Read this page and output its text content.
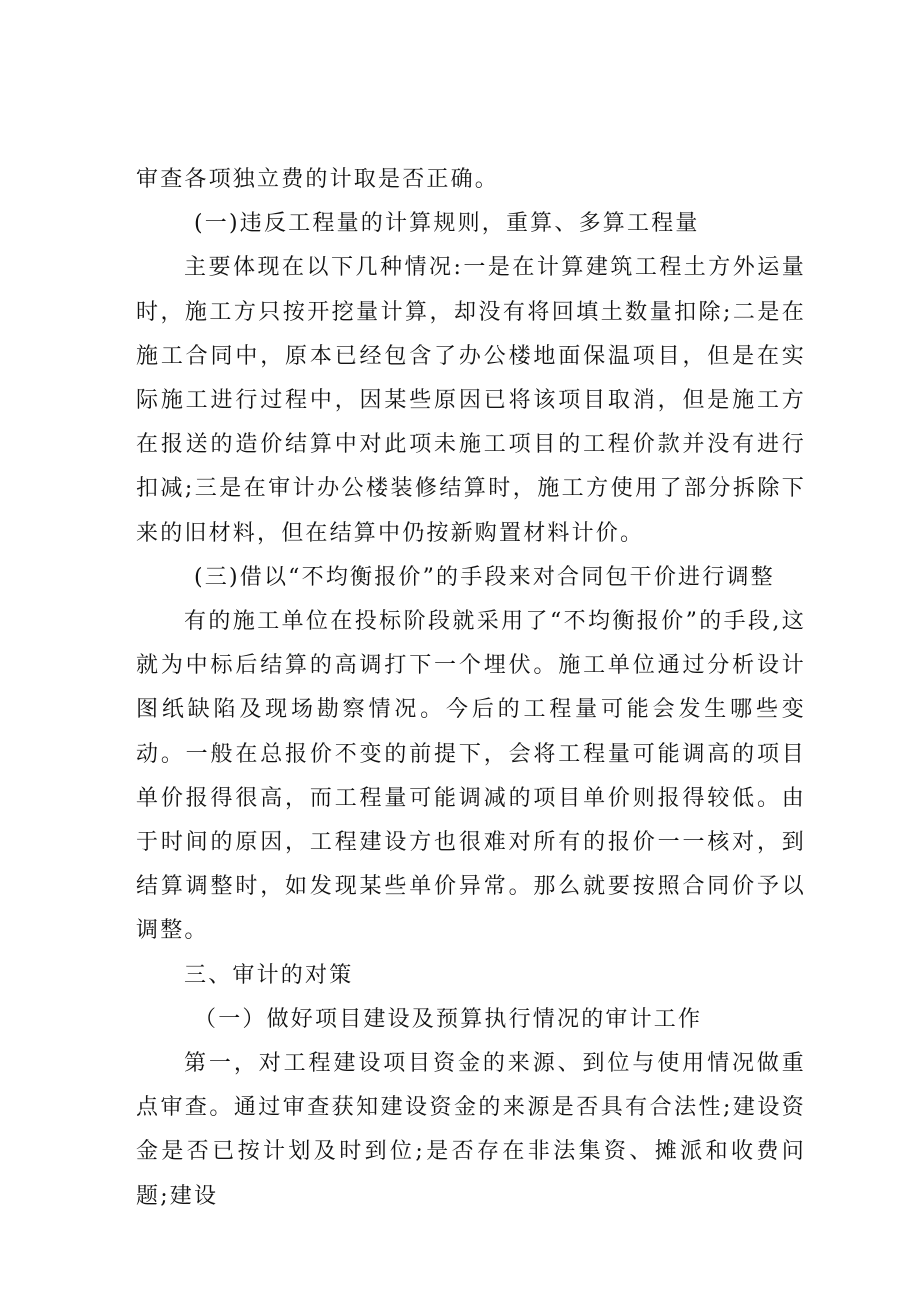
审查各项独立费的计取是否正确。

(一)违反工程量的计算规则，重算、多算工程量

主要体现在以下几种情况:一是在计算建筑工程土方外运量时，施工方只按开挖量计算，却没有将回填土数量扣除;二是在施工合同中，原本已经包含了办公楼地面保温项目，但是在实际施工进行过程中，因某些原因已将该项目取消，但是施工方在报送的造价结算中对此项未施工项目的工程价款并没有进行扣减;三是在审计办公楼装修结算时，施工方使用了部分拆除下来的旧材料，但在结算中仍按新购置材料计价。

(三)借以“不均衡报价”的手段来对合同包干价进行调整

有的施工单位在投标阶段就采用了“不均衡报价”的手段,这就为中标后结算的高调打下一个埋伏。施工单位通过分析设计图纸缺陷及现场勘察情况。今后的工程量可能会发生哪些变动。一般在总报价不变的前提下，会将工程量可能调高的项目单价报得很高，而工程量可能调减的项目单价则报得较低。由于时间的原因，工程建设方也很难对所有的报价一一核对，到结算调整时，如发现某些单价异常。那么就要按照合同价予以调整。

三、审计的对策

（一）做好项目建设及预算执行情况的审计工作

第一，对工程建设项目资金的来源、到位与使用情况做重点审查。通过审查获知建设资金的来源是否具有合法性;建设资金是否已按计划及时到位;是否存在非法集资、摊派和收费问题;建设
